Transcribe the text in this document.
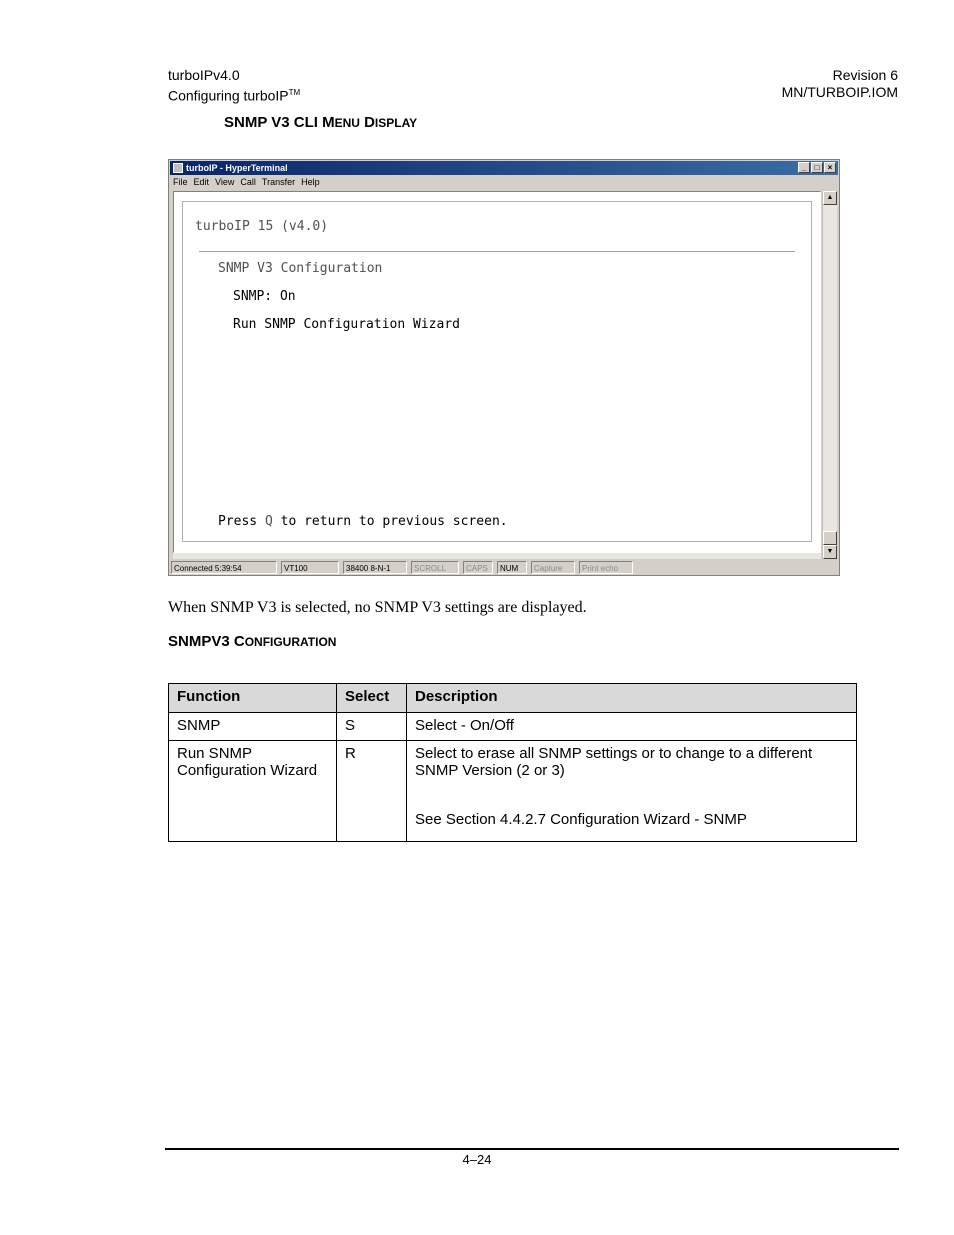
turboIPv4.0
Configuring turboIP™
Revision 6
MN/TURBOIP.IOM
SNMP V3 CLI MENU DISPLAY
turboIP - HyperTerminal	_ □ ×
File Edit View Call Transfer Help
turboIP 15 (v4.0)
SNMP V3 Configuration
SNMP: On
Run SNMP Configuration Wizard
Press Q to return to previous screen.
▲
▼
Connected 5:39:54	VT100	38400 8-N-1	SCROLL	CAPS	NUM	Capture	Print echo
When SNMP V3 is selected, no SNMP V3 settings are displayed.
SNMPV3 CONFIGURATION
Function	Select	Description
SNMP	S	Select - On/Off
Run SNMP Configuration Wizard	R	Select to erase all SNMP settings or to change to a different SNMP Version (2 or 3)
See Section 4.4.2.7 Configuration Wizard - SNMP
4–24
